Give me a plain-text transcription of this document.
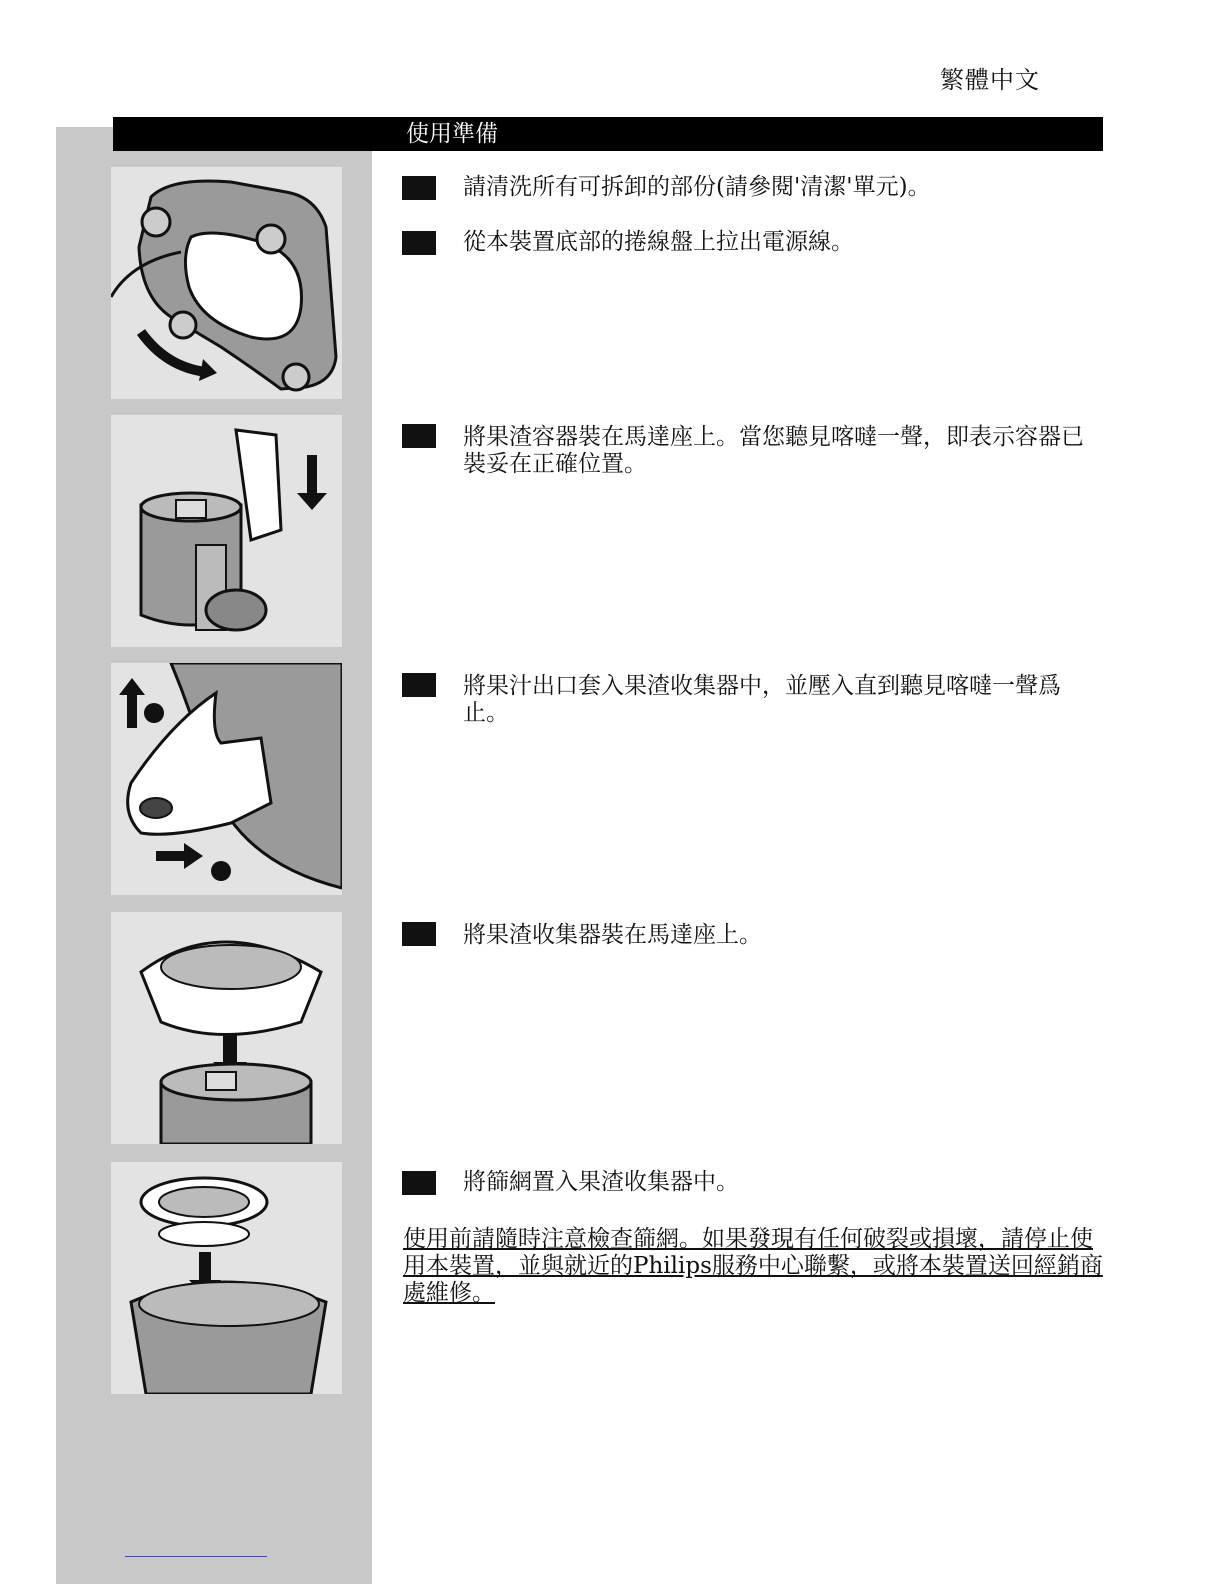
繁體中文
使用準備
請清洗所有可拆卸的部份(請參閱'清潔'單元)。
從本裝置底部的捲線盤上拉出電源線。
將果渣容器裝在馬達座上。當您聽見喀噠一聲，即表示容器已裝妥在正確位置。
將果汁出口套入果渣收集器中，並壓入直到聽見喀噠一聲爲止。
將果渣收集器裝在馬達座上。
將篩網置入果渣收集器中。
使用前請隨時注意檢查篩網。如果發現有任何破裂或損壞，請停止使用本裝置，並與就近的Philips服務中心聯繫，或將本裝置送回經銷商處維修。
